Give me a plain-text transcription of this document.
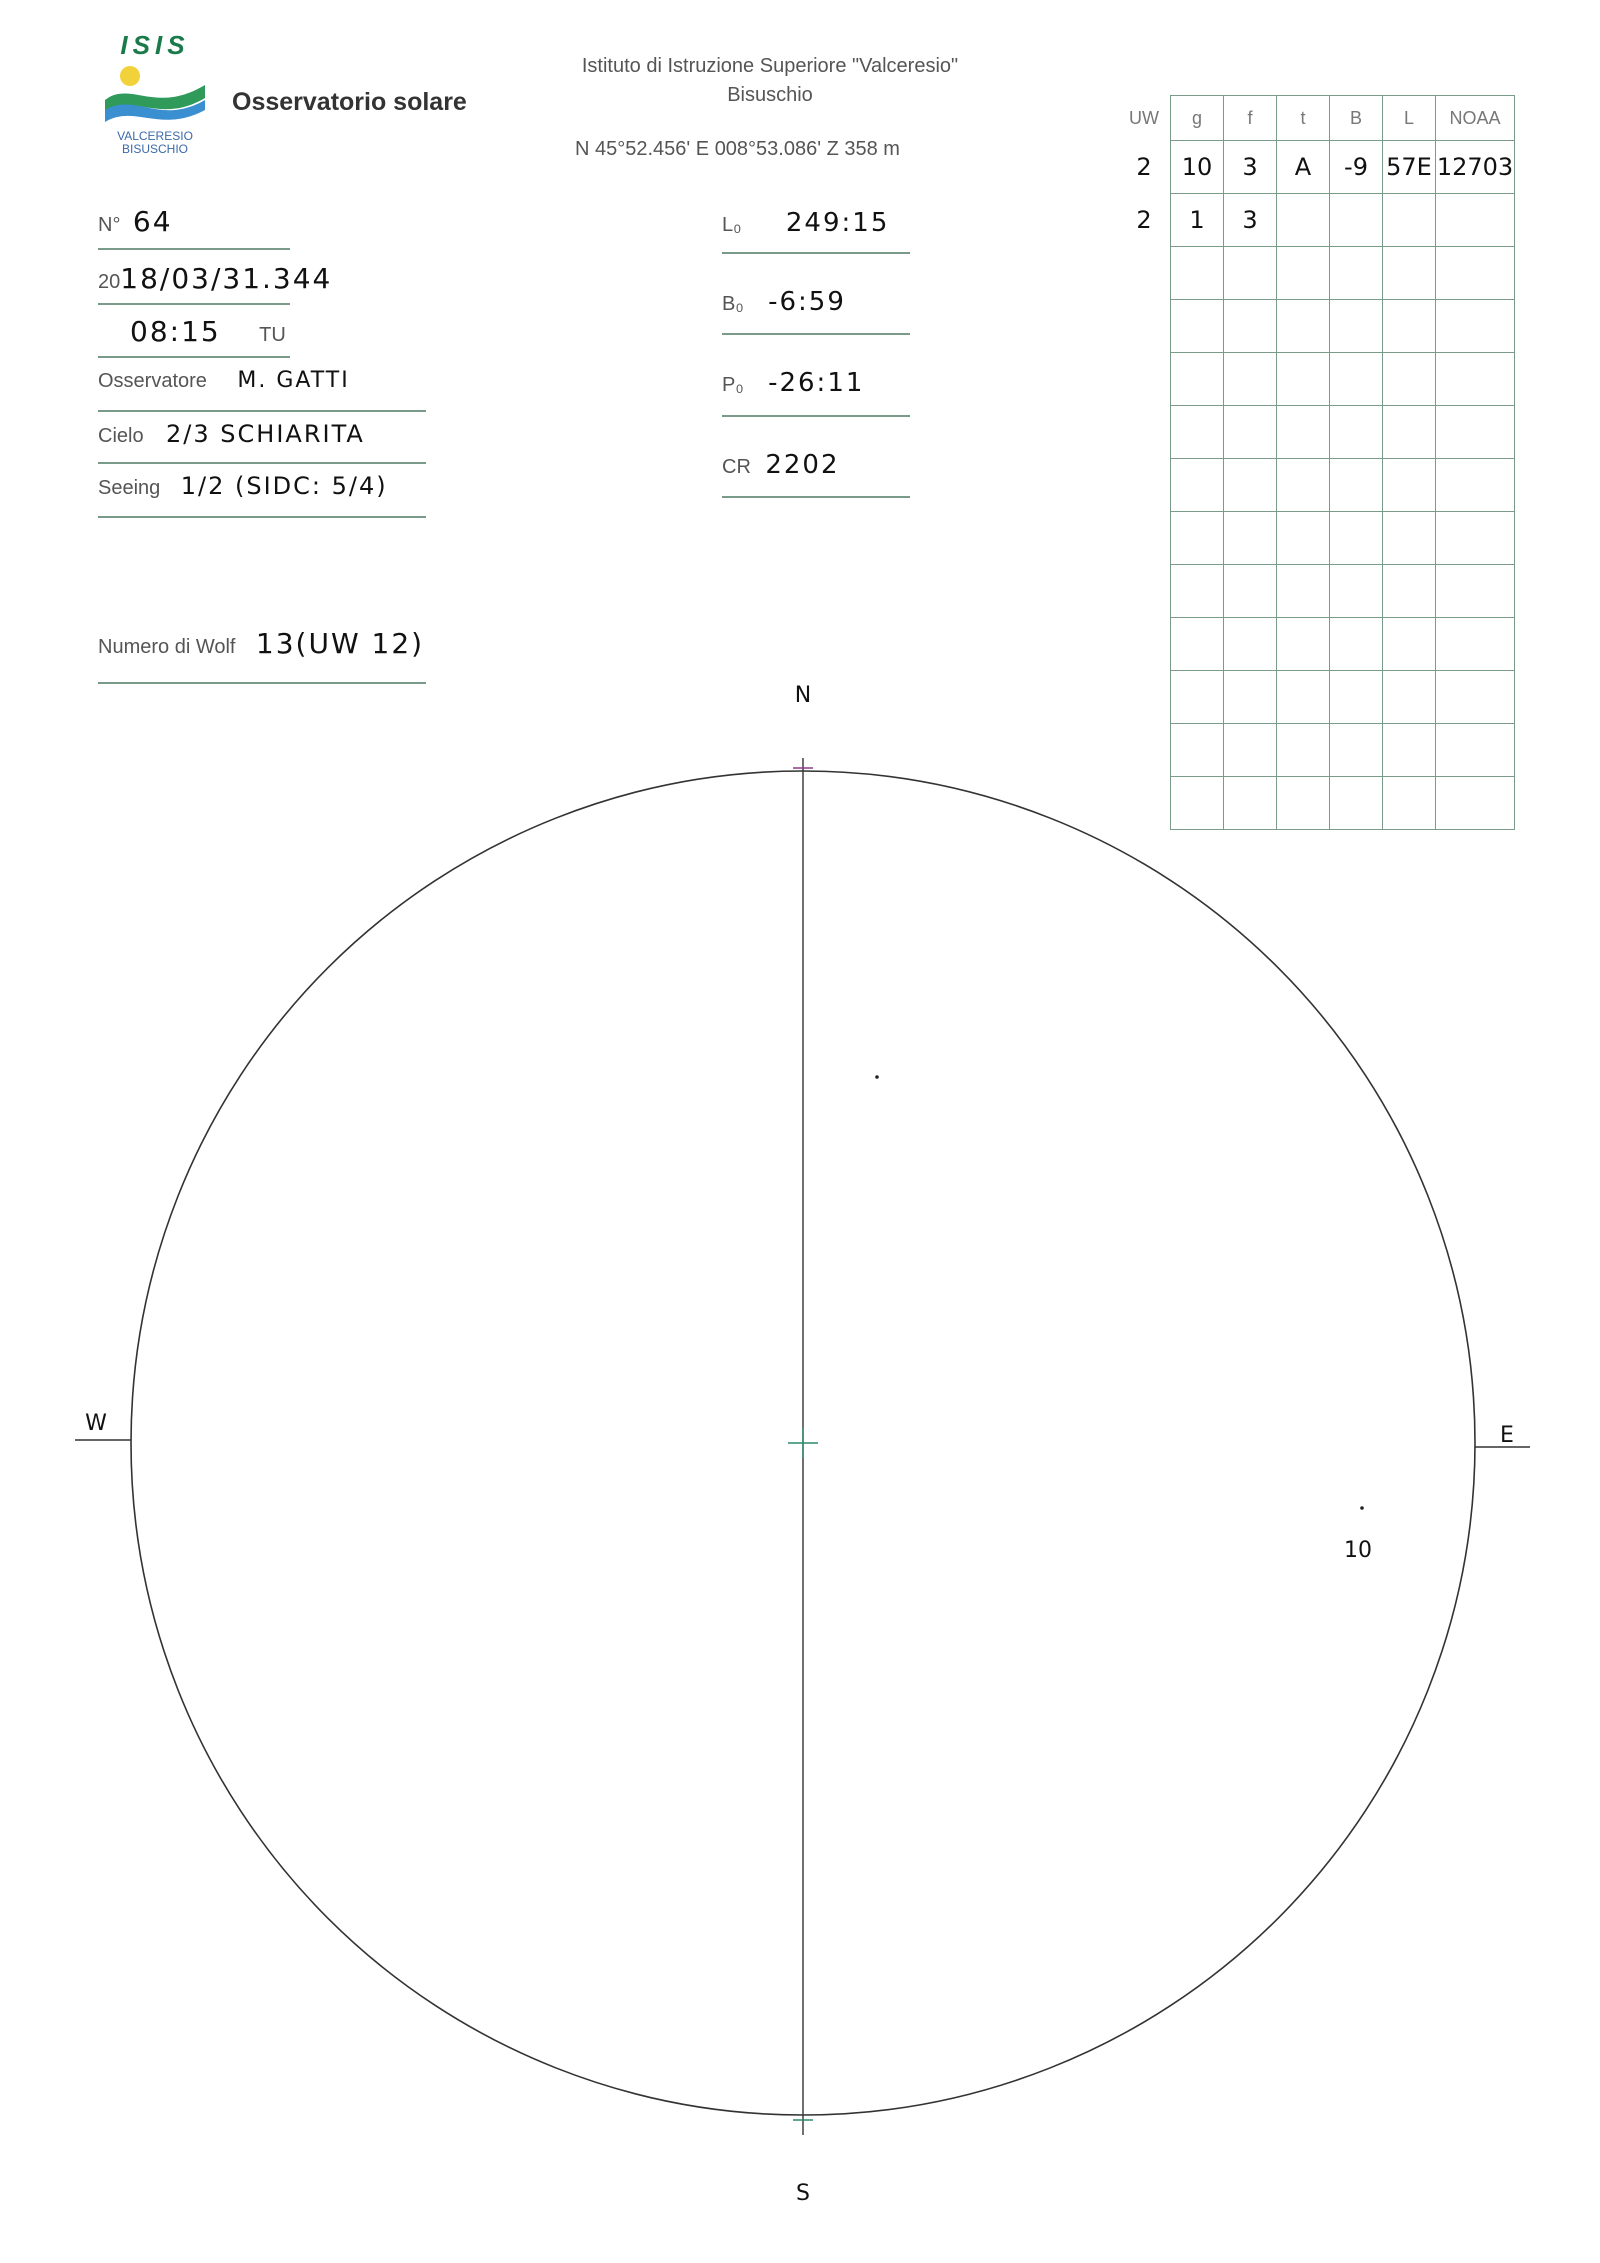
ISIS
VALCERESIO
BISUSCHIO
Osservatorio solare
Istituto di Istruzione Superiore "Valceresio"
Bisuschio
N 45°52.456' E 008°53.086' Z 358 m
N° 64
2018/03/31.344
08:15 TU
Osservatore M. GATTI
Cielo 2/3 SCHIARITA
Seeing 1/2 (SIDC: 5/4)
Numero di Wolf 13(UW 12)
L₀ 249:15
B₀ -6:59
P₀ -26:11
CR 2202
UW	g	f	t	B	L	NOAA
2	10	3	A	-9	57E	12703
2	1	3				

N
S
W	E
10
